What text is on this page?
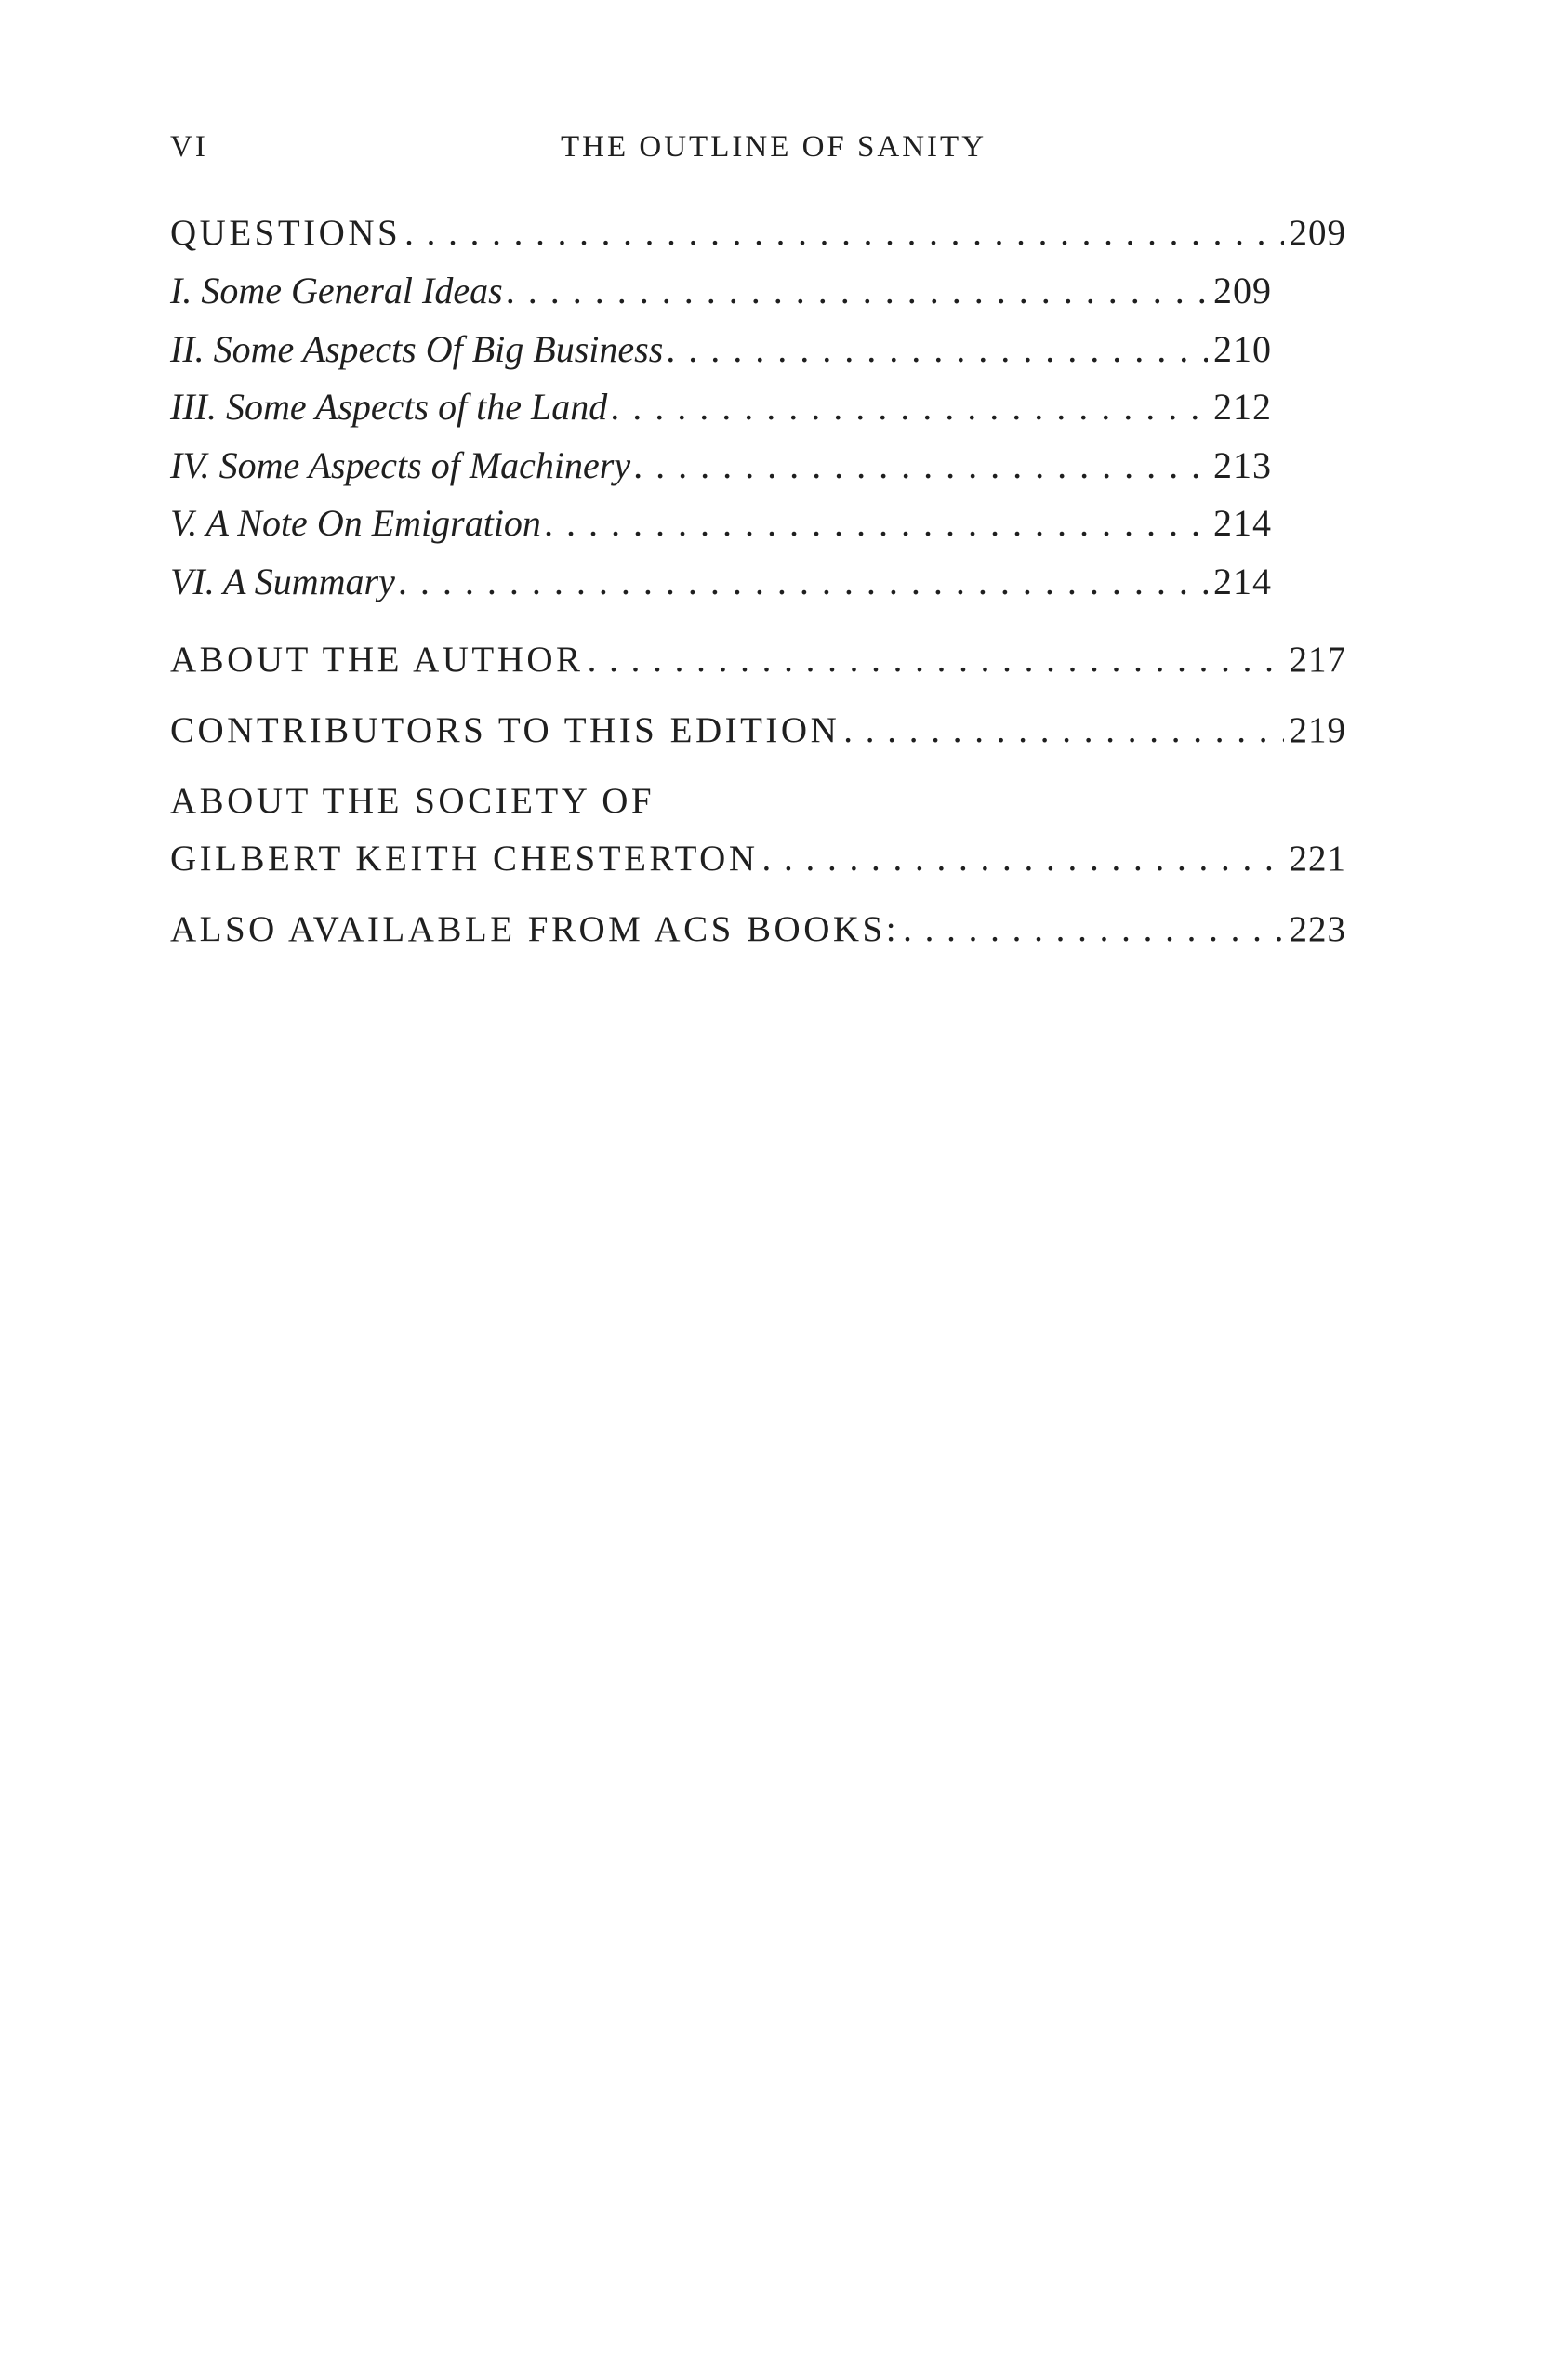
VI	THE OUTLINE OF SANITY
QUESTIONS . . .	209
I. Some General Ideas . . .	209
II. Some Aspects Of Big Business . . .	210
III. Some Aspects of the Land . . .	212
IV. Some Aspects of Machinery . . .	213
V. A Note On Emigration . . .	214
VI. A Summary . . .	214
ABOUT THE AUTHOR . . .	217
CONTRIBUTORS TO THIS EDITION . . .	219
ABOUT THE SOCIETY OF
GILBERT KEITH CHESTERTON . . .	221
ALSO AVAILABLE FROM ACS BOOKS: . . .	223
